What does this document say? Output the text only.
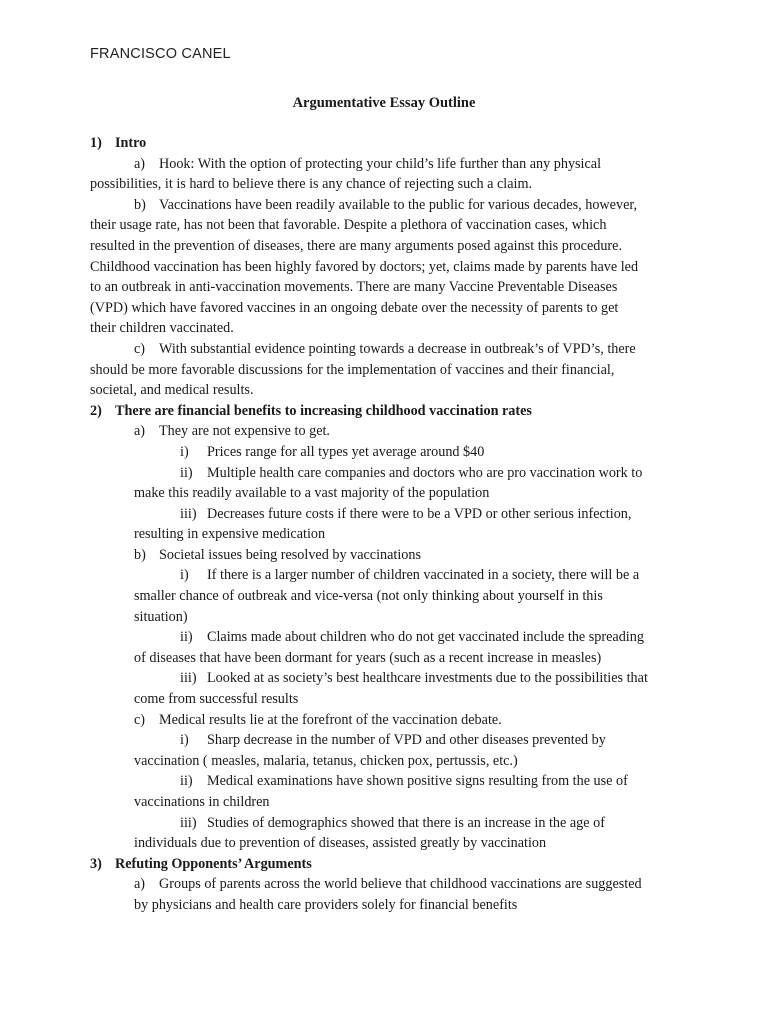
FRANCISCO CANEL
Argumentative Essay Outline
1) Intro
a) Hook: With the option of protecting your child’s life further than any physical
possibilities, it is hard to believe there is any chance of rejecting such a claim.
b) Vaccinations have been readily available to the public for various decades, however,
their usage rate, has not been that favorable. Despite a plethora of vaccination cases, which
resulted in the prevention of diseases, there are many arguments posed against this procedure.
Childhood vaccination has been highly favored by doctors; yet, claims made by parents have led
to an outbreak in anti-vaccination movements. There are many Vaccine Preventable Diseases
(VPD) which have favored vaccines in an ongoing debate over the necessity of parents to get
their children vaccinated.
c) With substantial evidence pointing towards a decrease in outbreak’s of VPD’s, there
should be more favorable discussions for the implementation of vaccines and their financial,
societal, and medical results.
2) There are financial benefits to increasing childhood vaccination rates
a) They are not expensive to get.
i) Prices range for all types yet average around $40
ii) Multiple health care companies and doctors who are pro vaccination work to
make this readily available to a vast majority of the population
iii) Decreases future costs if there were to be a VPD or other serious infection,
resulting in expensive medication
b) Societal issues being resolved by vaccinations
i) If there is a larger number of children vaccinated in a society, there will be a
smaller chance of outbreak and vice-versa (not only thinking about yourself in this
situation)
ii) Claims made about children who do not get vaccinated include the spreading
of diseases that have been dormant for years (such as a recent increase in measles)
iii) Looked at as society’s best healthcare investments due to the possibilities that
come from successful results
c) Medical results lie at the forefront of the vaccination debate.
i) Sharp decrease in the number of VPD and other diseases prevented by
vaccination ( measles, malaria, tetanus, chicken pox, pertussis, etc.)
ii) Medical examinations have shown positive signs resulting from the use of
vaccinations in children
iii) Studies of demographics showed that there is an increase in the age of
individuals due to prevention of diseases, assisted greatly by vaccination
3) Refuting Opponents’ Arguments
a) Groups of parents across the world believe that childhood vaccinations are suggested
by physicians and health care providers solely for financial benefits
